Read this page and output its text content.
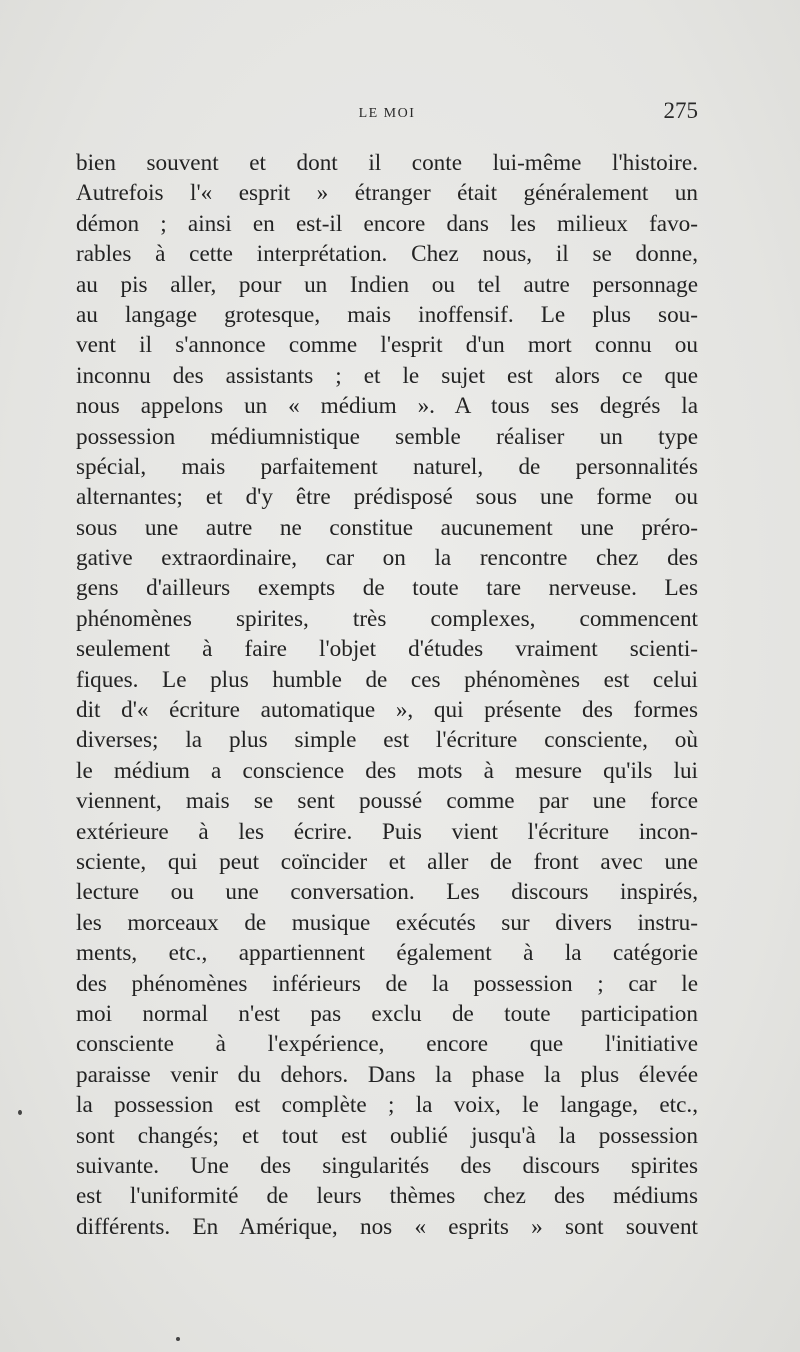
LE MOI	275
bien souvent et dont il conte lui-même l'histoire.
Autrefois l'« esprit » étranger était généralement un
démon ; ainsi en est-il encore dans les milieux favo-
rables à cette interprétation. Chez nous, il se donne,
au pis aller, pour un Indien ou tel autre personnage
au langage grotesque, mais inoffensif. Le plus sou-
vent il s'annonce comme l'esprit d'un mort connu ou
inconnu des assistants ; et le sujet est alors ce que
nous appelons un « médium ». A tous ses degrés la
possession médiumnistique semble réaliser un type
spécial, mais parfaitement naturel, de personnalités
alternantes; et d'y être prédisposé sous une forme ou
sous une autre ne constitue aucunement une préro-
gative extraordinaire, car on la rencontre chez des
gens d'ailleurs exempts de toute tare nerveuse. Les
phénomènes spirites, très complexes, commencent
seulement à faire l'objet d'études vraiment scienti-
fiques. Le plus humble de ces phénomènes est celui
dit d'« écriture automatique », qui présente des formes
diverses; la plus simple est l'écriture consciente, où
le médium a conscience des mots à mesure qu'ils lui
viennent, mais se sent poussé comme par une force
extérieure à les écrire. Puis vient l'écriture incon-
sciente, qui peut coïncider et aller de front avec une
lecture ou une conversation. Les discours inspirés,
les morceaux de musique exécutés sur divers instru-
ments, etc., appartiennent également à la catégorie
des phénomènes inférieurs de la possession ; car le
moi normal n'est pas exclu de toute participation
consciente à l'expérience, encore que l'initiative
paraisse venir du dehors. Dans la phase la plus élevée
la possession est complète ; la voix, le langage, etc.,
sont changés; et tout est oublié jusqu'à la possession
suivante. Une des singularités des discours spirites
est l'uniformité de leurs thèmes chez des médiums
différents. En Amérique, nos « esprits » sont souvent
